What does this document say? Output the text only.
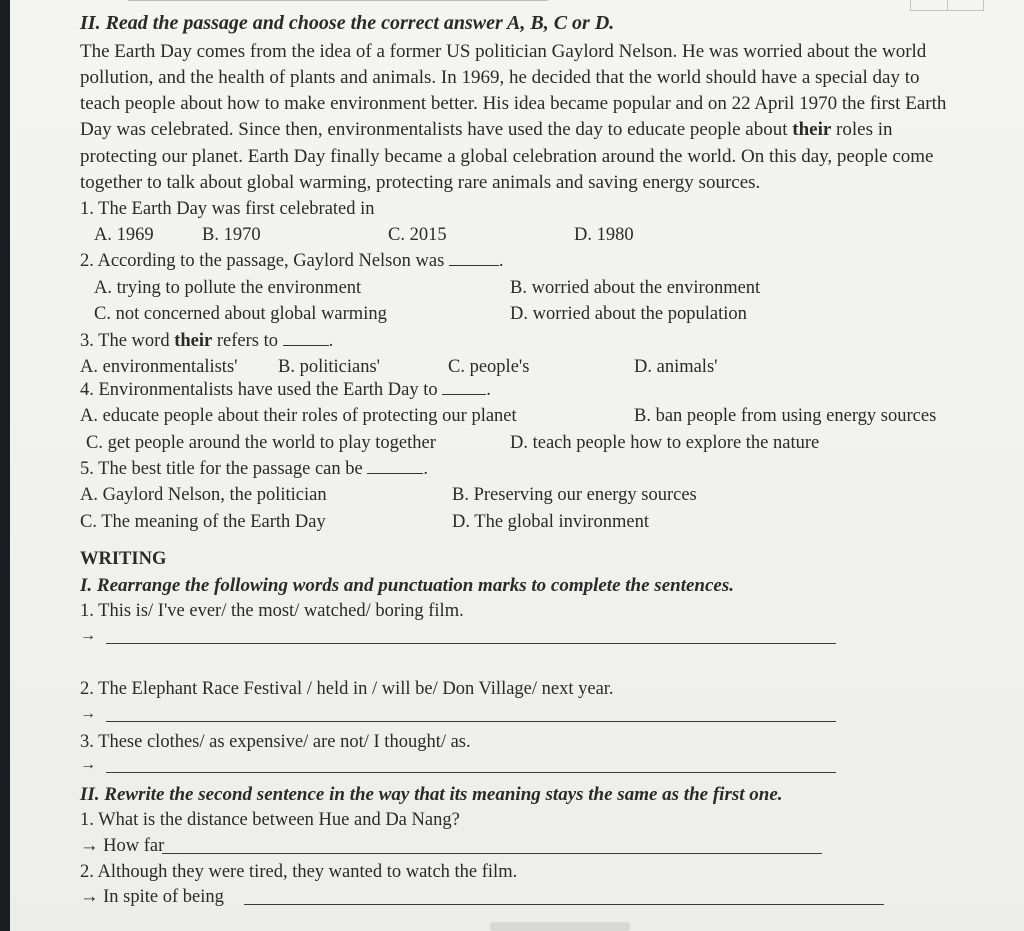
II. Read the passage and choose the correct answer A, B, C or D.
The Earth Day comes from the idea of a former US politician Gaylord Nelson. He was worried about the world
pollution, and the health of plants and animals. In 1969, he decided that the world should have a special day to
teach people about how to make environment better. His idea became popular and on 22 April 1970 the first Earth
Day was celebrated. Since then, environmentalists have used the day to educate people about their roles in
protecting our planet. Earth Day finally became a global celebration around the world. On this day, people come
together to talk about global warming, protecting rare animals and saving energy sources.
1. The Earth Day was first celebrated in
A. 1969	B. 1970	C. 2015	D. 1980
2. According to the passage, Gaylord Nelson was	.
A. trying to pollute the environment	B. worried about the environment
C. not concerned about global warming	D. worried about the population
3. The word their refers to	.
A. environmentalists' B. politicians'	C. people's	D. animals'
4. Environmentalists have used the Earth Day to	.
A. educate people about their roles of protecting our planet	B. ban people from using energy sources
C. get people around the world to play together	D. teach people how to explore the nature
5. The best title for the passage can be	.
A. Gaylord Nelson, the politician	B. Preserving our energy sources
C. The meaning of the Earth Day	D. The global invironment
WRITING
I. Rearrange the following words and punctuation marks to complete the sentences.
1. This is/ I've ever/ the most/ watched/ boring film.
→
2. The Elephant Race Festival / held in / will be/ Don Village/ next year.
→
3. These clothes/ as expensive/ are not/ I thought/ as.
→
II. Rewrite the second sentence in the way that its meaning stays the same as the first one.
1. What is the distance between Hue and Da Nang?
→ How far
2. Although they were tired, they wanted to watch the film.
→ In spite of being
